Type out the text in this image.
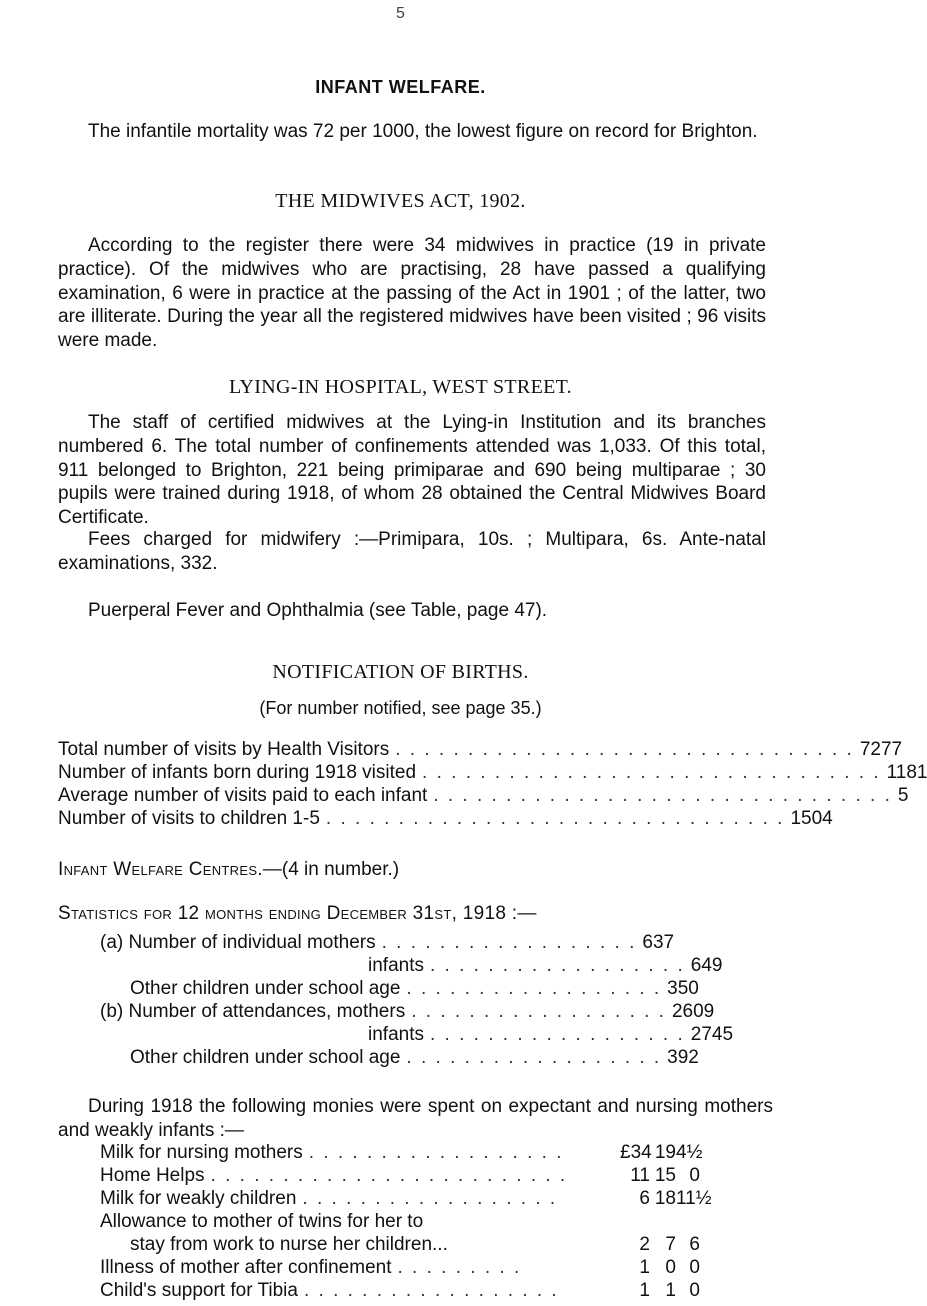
5
INFANT WELFARE.
The infantile mortality was 72 per 1000, the lowest figure on record for Brighton.
THE MIDWIVES ACT, 1902.
According to the register there were 34 midwives in practice (19 in private practice). Of the midwives who are practising, 28 have passed a qualifying examination, 6 were in practice at the passing of the Act in 1901 ; of the latter, two are illiterate. During the year all the registered midwives have been visited ; 96 visits were made.
LYING-IN HOSPITAL, WEST STREET.
The staff of certified midwives at the Lying-in Institution and its branches numbered 6. The total number of confinements attended was 1,033. Of this total, 911 belonged to Brighton, 221 being primiparae and 690 being multiparae ; 30 pupils were trained during 1918, of whom 28 obtained the Central Midwives Board Certificate.
Fees charged for midwifery :—Primipara, 10s. ; Multipara, 6s. Ante-natal examinations, 332.
Puerperal Fever and Ophthalmia (see Table, page 47).
NOTIFICATION OF BIRTHS.
(For number notified, see page 35.)
Total number of visits by Health Visitors . . . . . . . . . . . . . . . . . . . . . . . . . . . . . . . . 7277
Number of infants born during 1918 visited . . . . . . . . . . . . . . . . . . . . . . . . . . . . . . . . 1181
Average number of visits paid to each infant . . . . . . . . . . . . . . . . . . . . . . . . . . . . . . . . 5
Number of visits to children 1-5 . . . . . . . . . . . . . . . . . . . . . . . . . . . . . . . . 1504
Infant Welfare Centres.—(4 in number.)
Statistics for 12 months ending December 31st, 1918 :—
(a) Number of individual mothers . . . . . . . . . . . . . . . . . . 637
infants . . . . . . . . . . . . . . . . . . 649
Other children under school age . . . . . . . . . . . . . . . . . . 350
(b) Number of attendances, mothers . . . . . . . . . . . . . . . . . . 2609
infants . . . . . . . . . . . . . . . . . . 2745
Other children under school age . . . . . . . . . . . . . . . . . . 392
During 1918 the following monies were spent on expectant and nursing mothers and weakly infants :—
Milk for nursing mothers . . . . . . . . . . . . . . . . . .	£34 19 4½
Home Helps . . . . . . . . . . . . . . . . . . . . . . . . .	11 15 0
Milk for weakly children . . . . . . . . . . . . . . . . . .	6 18 11½
Allowance to mother of twins for her to
stay from work to nurse her children...	2 7 6
Illness of mother after confinement . . . . . . . . .	1 0 0
Child's support for Tibia . . . . . . . . . . . . . . . . . .	1 1 0
